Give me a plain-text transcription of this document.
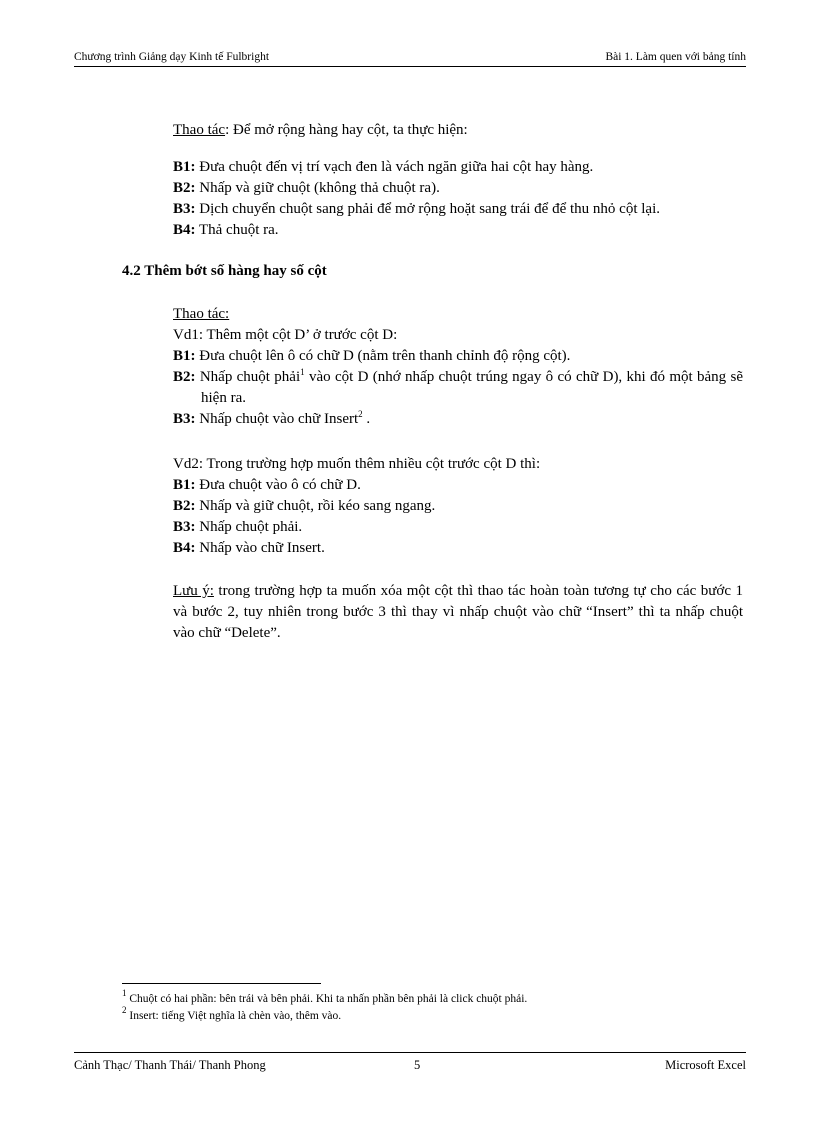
Chương trình Giảng dạy Kinh tế Fulbright	Bài 1. Làm quen với bảng tính

Thao tác: Để mở rộng hàng hay cột, ta thực hiện:

B1: Đưa chuột đến vị trí vạch đen là vách ngăn giữa hai cột hay hàng.

B2: Nhấp và giữ chuột (không thả chuột ra).

B3: Dịch chuyển chuột sang phải để mở rộng hoặt sang trái để để thu nhỏ cột lại.

B4: Thả chuột ra.

4.2 Thêm bớt số hàng hay số cột

Thao tác:

Vd1: Thêm một cột D’ ở trước cột D:

B1: Đưa chuột lên ô có chữ D (nằm trên thanh chỉnh độ rộng cột).

B2: Nhấp chuột phải$^1$ vào cột D (nhớ nhấp chuột trúng ngay ô có chữ D), khi đó một bảng sẽ hiện ra.

B3: Nhấp chuột vào chữ Insert$^2$ .

Vd2: Trong trường hợp muốn thêm nhiều cột trước cột D thì:

B1: Đưa chuột vào ô có chữ D.

B2: Nhấp và giữ chuột, rồi kéo sang ngang.

B3: Nhấp chuột phải.

B4: Nhấp vào chữ Insert.

Lưu ý: trong trường hợp ta muốn xóa một cột thì thao tác hoàn toàn tương tự cho các bước 1 và bước 2, tuy nhiên trong bước 3 thì thay vì nhấp chuột vào chữ “Insert” thì ta nhấp chuột vào chữ “Delete”.

$^1$ Chuột có hai phần: bên trái và bên phải. Khi ta nhấn phần bên phải là click chuột phải.

$^2$ Insert: tiếng Việt nghĩa là chèn vào, thêm vào.

Cảnh Thạc/ Thanh Thái/ Thanh Phong	5	Microsoft Excel
